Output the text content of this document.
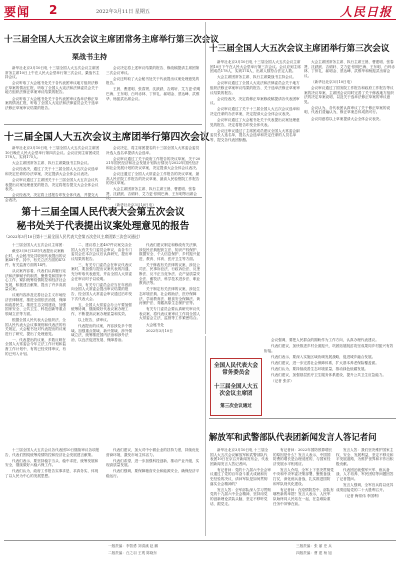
要闻 2	2022年3月11日 星期五	人民日报
十三届全国人大五次会议主席团常务主席举行第三次会议
栗战书主持

新华社北京3月10日电 十三届全国人大五次会议主席团常务主席10日上午在人民大会堂举行第三次会议，栗战书主持会议。

会议听取了大会秘书处关于各代表团审议地方组织法修正草案的情况汇报，听取了全国人大宪法和法律委员会关于地方组织法修正草案审议结果的报告。

会议听取了大会秘书处关于各代表团审议选举法修正草案的情况汇报，听取了全国人大宪法和法律委员会关于选举法修正草案审议结果的报告。

会议决定将上述审议结果的报告、修改稿提请主席团第三次会议审议。

会议还听取了大会秘书处关于代表提出议案处理意见的报告。

王晨、曹建明、张春贤、沈跃跃、吉炳轩、艾力更·依明巴海、王东明、白玛赤林、丁仲礼、郝明金、蔡达峰、武维华、杨振武出席会议。

十三届全国人大五次会议主席团举行第四次会议

新华社北京3月10日电 十三届全国人大五次会议主席团10日晚在人民大会堂举行第四次会议。会议应到主席团成员178人，实到175人。

大会主席团常务主席、执行主席栗战书主持会议。

会议经表决，通过了关于十三届全国人大五次会议选举和决定任命的办法草案，决定提请大会全体会议表决。

会议审议通过了主席团关于十三届全国人大五次会议代表提出议案处理意见的报告，决定将报告提交大会全体会议表决。

会议经表决，决定将上述报告印发全体代表，并提交大会表决。

会议决定，将主席团提名的十三届全国人大常委会委员补选人选名单提请大会选举。

会议审议通过了关于政府工作报告的决议草案、关于2021年国民经济和社会发展计划执行情况与2022年国民经济和社会发展计划的决议草案，决定提请大会全体会议表决。

会议还通过了全国人大常委会工作报告的决议草案、最高人民法院工作报告的决议草案、最高人民检察院工作报告的决议草案。

大会主席团常务主席、执行主席王晨、曹建明、张春贤、沈跃跃、吉炳轩、艾力更·依明巴海、王东明等出席会议。

（新华社北京3月10日电）

十三届全国人大五次会议主席团举行第三次会议

新华社北京3月10日电 十三届全国人大五次会议主席团10日下午在人民大会堂举行第三次会议。会议应到主席团成员178人，实到174人，出席人数符合法定人数。

大会主席团常务主席、执行主席栗战书主持会议。

会议审议通过了全国人大宪法和法律委员会关于地方组织法修正草案审议结果的报告、关于选举法修正草案审议结果的报告。

会议经表决，决定将修正草案修改稿提请各代表团审议。

会议审议通过了关于十三届全国人大五次会议选举和决定任命的办法草案，决定提请大会全体会议表决。

会议审议通过了大会秘书处关于代表提出议案处理意见的报告，决定将报告印发全体代表。

会议还审议通过了主席团成员建议全国人大常委会副委员长人选名单，提名大会选举和决定任命的人员名单等，提交各代表团酝酿。

大会主席团常务主席、执行主席王晨、曹建明、张春贤、沈跃跃、吉炳轩、艾力更·依明巴海、王东明、白玛赤林、丁仲礼、郝明金、蔡达峰、武维华和杨振武出席会议。

（新华社北京3月10日电）

会议审议通过了国务院工作报告和政府工作报告等议案的决议草案，主席团会议同时完善了关于修改地方组织法的决定草案说明，以及关于选举法修正草案的审议意见。

会议认为，各代表团认真审议了关于修正草案的说明，代表们普遍认为，修正草案总体成熟可行。

会议同意将以上草案提请大会全体会议表决。

第十三届全国人民代表大会第五次会议
秘书处关于代表提出议案处理意见的报告
（2022年3月10日第十三届全国人民代表大会第五次会议主席团第三次会议通过）

十三届全国人大五次会议主席团：

截至3月8日12时代表提出议案截止时，大会秘书处共收到代表提出的议案487件。其中，有关立法方面的473件，有关监督方面的14件。

从议案内容看，代表们认真履行宪法和法律赋予的职责，聚焦党和国家中心工作，紧扣统筹疫情防控和经济社会发展，积极建言献策，提出了许多高质量议案。

议案内容涉及完善社会主义市场经济法律制度，推进全面依法治国，保障和改善民生，推进生态文明建设，加强国家安全、公共卫生、科技创新等重点领域立法等方面。

根据全国人民代表大会组织法、全国人民代表大会议事规则和代表法的有关规定，大会秘书处对代表提出的议案进行了研究，提出了处理意见。

一、代表提出的议案，多数反映在全国人大常委会今年立法工作计划和监督工作计划中，有的已经安排审议，有的已列入计划。

二、建议将上述487件议案交由全国人大有关专门委员会审议，由各专门委员会在本次会议后认真研究，提出审议结果的报告。

三、有关专门委员会在审议代表议案时，要加强与提出议案代表的沟通，充分听取代表意见，并由全国人大常委会在审议时予以说明。

四、有关专门委员会应当在年底前向全国人大常委会提出审议结果的报告，经全国人大常委会审议通过后印发下次代表大会。

五、全国人大常委会办公厅要加强统筹协调，继续做好代表议案办理工作，不断提高议案办理质量和实效。

以上报告，请审议。

代表提出的议案，内容涉及多个领域。加强重点领域、新兴领域、涉外领域立法，统筹推进国内法治和涉外法治，以良法促进发展、保障善治。

代表们建议制定和修改有关法律，涉及民法典配套立法、知识产权保护、数据安全、个人信息保护、乡村振兴促进、教育、体育、医疗卫生等方面。

关于修改有关法律的议案，涉及公司法、民事诉讼法、行政诉讼法、反垄断法、反不正当竞争法、农产品质量安全法、畜牧法、科学技术进步法、职业教育法等。

关于制定有关法律的议案，涉及生态环境法典、社会救助法、医疗保障法、学前教育法、粮食安全保障法、黄河保护法、青藏高原生态保护法等。

有关专门委员会要认真研究审议代表议案，将代表议案审议工作同全国人大常委会立法、监督等工作紧密结合。

大会秘书处

2022年3月10日

十三届全国人大五次会议各代表团10日继续审议各项报告，代表们围绕统筹疫情防控和经济社会发展建言献策。

代表们表示，要坚持稳字当头、稳中求进，统筹发展和安全，继续做好六稳六保工作。

代表们认为，政府工作报告实事求是、求真务实，体现了以人民为中心的发展思想。

代表们建议，加大对中小微企业的扶持力度，持续优化营商环境，激发市场主体活力。

代表们希望，进一步加强科技创新，推动产业升级，实现高质量发展。

代表们强调，要保障粮食安全和能源安全，确保经济平稳运行。

全国人民代表大会常务委员会
十三届全国人大五次会议主席团
第三次会议通过

会议强调，要把人民群众的期盼作为工作方向，认真办理代表建议。

代表们建议，加快推进乡村全面振兴，巩固拓展脱贫攻坚成果同乡村振兴有效衔接。

代表们表示，要深入实施区域协调发展战略，促进城乡融合发展。

代表们建议，进一步完善社会保障体系，扩大基本养老保险覆盖面。

代表们认为，要持续改善生态环境质量，推动绿色低碳发展。

代表们建议，加强基层医疗卫生服务体系建设，提升公共卫生应急能力。

（记者 张洋）

解放军和武警部队代表团新闻发言人答记者问

新华社北京3月10日电 十三届全国人大五次会议解放军和武警部队代表团10日在京召开新闻发布会，代表团新闻发言人答记者问。

有记者问：党的十九届六中全会审议通过了党的百年奋斗重大成就和历史经验的决议，请问军队是如何贯彻落实全会精神的？

发言人答：全军部队深入学习贯彻党的十九届六中全会精神，坚持用党的创新理论武装头脑，坚定不移听党话、跟党走。

有记者问：2022年国防预算增长的原因是什么？发言人表示，中国国防费的增长是合理适度的，与国家经济发展水平相适应。

发言人介绍，全军上下坚决贯彻党中央和中央军委决策部署，聚焦备战打仗，深化练兵备战，扎实推进国防和军队现代化建设。

有记者问：在疫情防控中，部队有哪些新的举措？发言人表示，人民军队始终同人民站在一起，在急难险重任务中冲锋在前。

发言人答：我们坚决维护国家主权、安全、发展利益，坚定不移走和平发展道路，为维护世界和平作出积极贡献。

代表团还就强军兴军、练兵备战、人才培养、军民团结等问题回答了记者提问。

发言人强调，全军官兵将以优异成绩迎接党的二十大胜利召开。

（记者 梅常伟 李国利）

一版责编：李智勇 刘涓溪 赵 鹏
二版责编：白之羽 王观 陈晓东
三版责编：张 丽 史 兵
四版责编：曹 建 杨 旭
